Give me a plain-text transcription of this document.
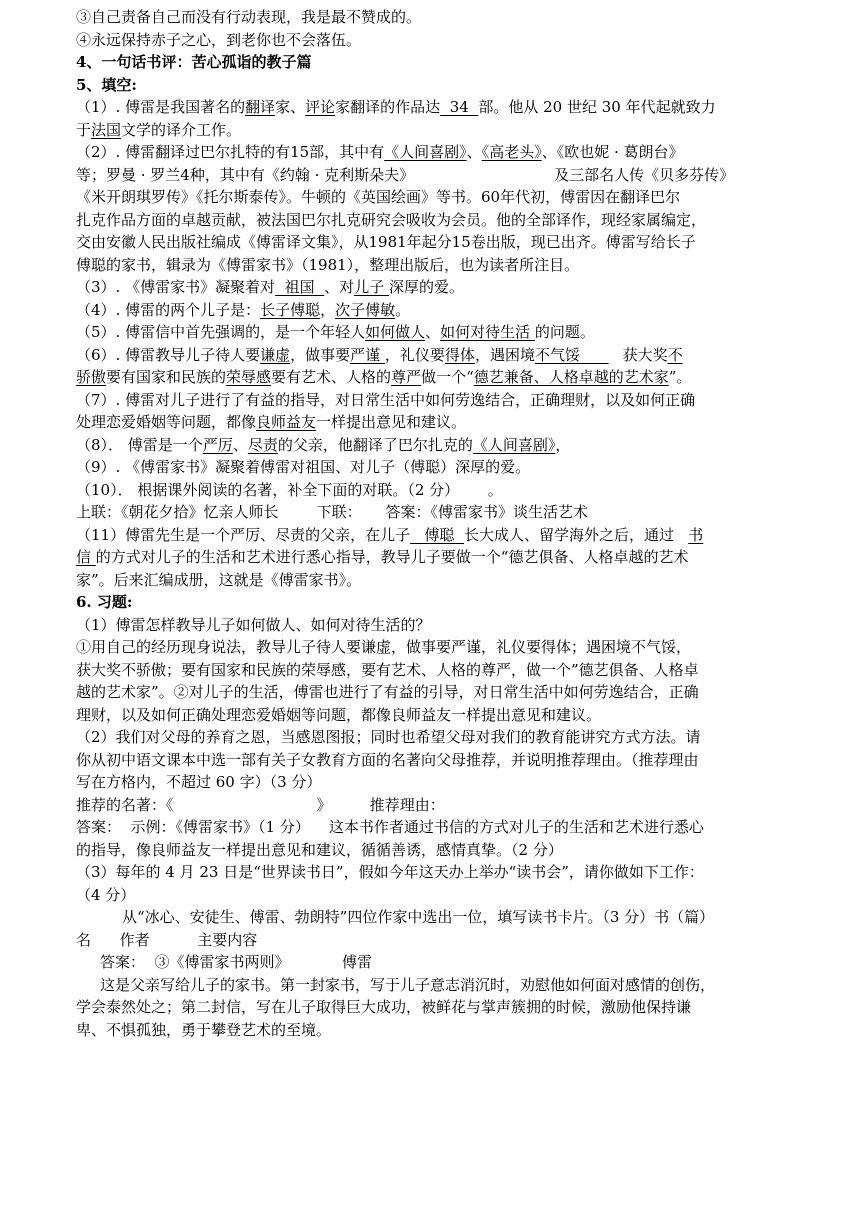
③自己责备自己而没有行动表现，我是最不赞成的。
④永远保持赤子之心，到老你也不会落伍。
4、一句话书评：苦心孤诣的教子篇
5、填空:
（1）. 傅雷是我国著名的翻译家、评论家翻译的作品达  34  部。他从 20 世纪 30 年代起就致力
于法国文学的译介工作。
（2）. 傅雷翻译过巴尔扎特的有15部，其中有《人间喜剧》、《高老头》、《欧也妮 · 葛朗台》
等；罗曼 · 罗兰4种，其中有《约翰 · 克利斯朵夫》	及三部名人传《贝多芬传》
《米开朗琪罗传》《托尔斯泰传》。牛顿的《英国绘画》等书。60年代初，傅雷因在翻译巴尔
扎克作品方面的卓越贡献，被法国巴尔扎克研究会吸收为会员。他的全部译作，现经家属编定，
交由安徽人民出版社编成《傅雷译文集》，从1981年起分15卷出版，现已出齐。傅雷写给长子
傅聪的家书，辑录为《傅雷家书》（1981），整理出版后，也为读者所注目。
（3）. 《傅雷家书》凝聚着对  祖国  、对儿子 深厚的爱。
（4）. 傅雷的两个儿子是：长子傅聪，次子傅敏。
（5）. 傅雷信中首先强调的，是一个年轻人如何做人、如何对待生活 的问题。
（6）. 傅雷教导儿子待人要谦虚，做事要严谨 ，礼仪要得体，遇困境不气馁      获大奖不
骄傲要有国家和民族的荣辱感要有艺术、人格的尊严做一个“德艺兼备、人格卓越的艺术家”。
（7）. 傅雷对儿子进行了有益的指导，对日常生活中如何劳逸结合，正确理财，以及如何正确
处理恋爱婚姻等问题，都像良师益友一样提出意见和建议。
（8）． 傅雷是一个严厉、尽责的父亲，他翻译了巴尔扎克的《人间喜剧》，
（9）. 《傅雷家书》凝聚着傅雷对祖国、对儿子（傅聪）深厚的爱。
（10）． 根据课外阅读的名著，补全下面的对联。（2 分）      。
上联：《朝花夕拾》忆亲人师长        下联：     答案：《傅雷家书》谈生活艺术
（11）傅雷先生是一个严厉、尽责的父亲，在儿子   傅聪  长大成人、留学海外之后，通过   书
信 的方式对儿子的生活和艺术进行悉心指导，教导儿子要做一个“德艺俱备、人格卓越的艺术
家”。后来汇编成册，这就是《傅雷家书》。
6. 习题:
（1）傅雷怎样教导儿子如何做人、如何对待生活的？
①用自己的经历现身说法，教导儿子待人要谦虚，做事要严谨，礼仪要得体；遇困境不气馁，
获大奖不骄傲；要有国家和民族的荣辱感，要有艺术、人格的尊严，做一个”德艺俱备、人格卓
越的艺术家”。②对儿子的生活，傅雷也进行了有益的引导，对日常生活中如何劳逸结合，正确
理财，以及如何正确处理恋爱婚姻等问题，都像良师益友一样提出意见和建议。
（2）我们对父母的养育之恩，当感恩图报；同时也希望父母对我们的教育能讲究方式方法。请
你从初中语文课本中选一部有关子女教育方面的名著向父母推荐，并说明推荐理由。（推荐理由
写在方格内，不超过 60 字）（3 分）
推荐的名著：《                              》        推荐理由：
答案：  示例：《傅雷家书》（1 分）    这本书作者通过书信的方式对儿子的生活和艺术进行悉心
的指导，像良师益友一样提出意见和建议，循循善诱，感情真挚。（2 分）
（3）每年的 4 月 23 日是“世界读书日”，假如今年这天办上举办“读书会”，请你做如下工作：
（4 分）
从“冰心、安徒生、傅雷、勃朗特”四位作家中选出一位，填写读书卡片。（3 分）书（篇）
名      作者          主要内容
答案：  ③《傅雷家书两则》           傅雷
这是父亲写给儿子的家书。第一封家书，写于儿子意志消沉时，劝慰他如何面对感情的创伤，
学会泰然处之；第二封信，写在儿子取得巨大成功，被鲜花与掌声簇拥的时候，激励他保持谦
卑、不惧孤独，勇于攀登艺术的至境。
